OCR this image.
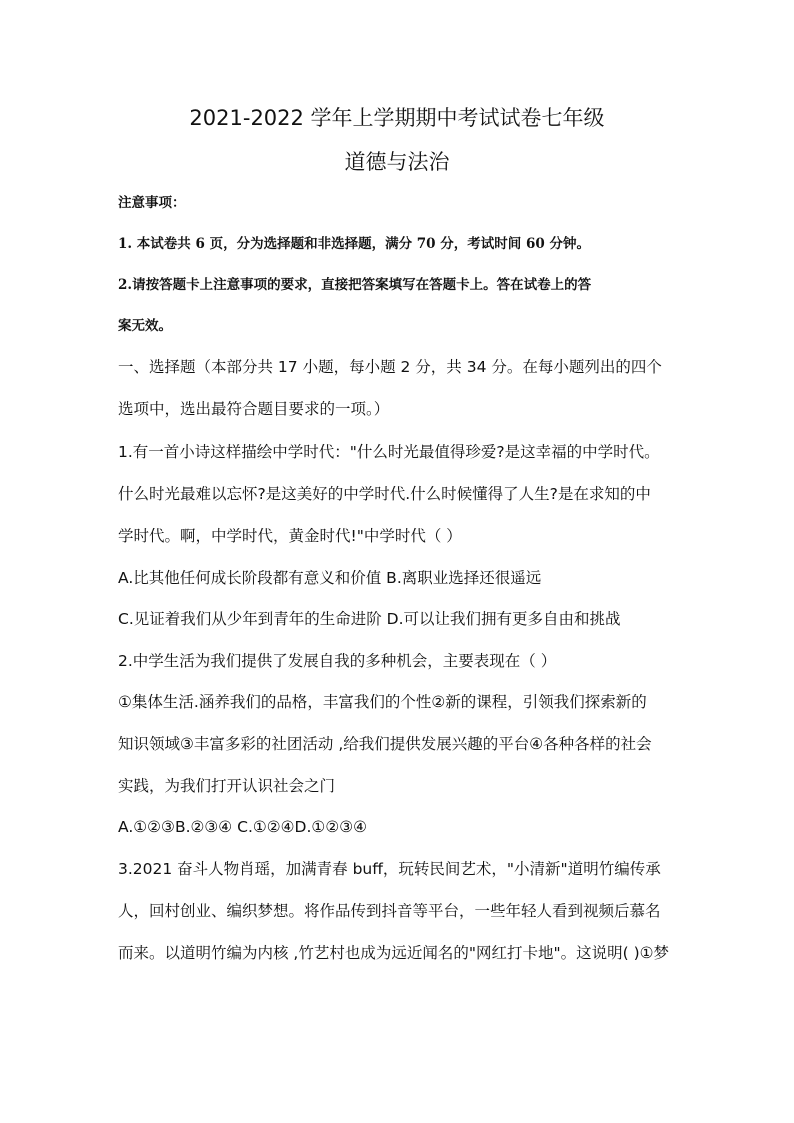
2021-2022 学年上学期期中考试试卷七年级
道德与法治
注意事项：
1. 本试卷共 6 页，分为选择题和非选择题，满分 70 分，考试时间 60 分钟。
2.请按答题卡上注意事项的要求，直接把答案填写在答题卡上。答在试卷上的答
案无效。
一、选择题（本部分共 17 小题，每小题 2 分，共 34 分。在每小题列出的四个
选项中，选出最符合题目要求的一项。）
1.有一首小诗这样描绘中学时代："什么时光最值得珍爱?是这幸福的中学时代。
什么时光最难以忘怀?是这美好的中学时代.什么时候懂得了人生?是在求知的中
学时代。啊，中学时代，黄金时代!"中学时代（ ）
A.比其他任何成长阶段都有意义和价值 B.离职业选择还很遥远
C.见证着我们从少年到青年的生命进阶 D.可以让我们拥有更多自由和挑战
2.中学生活为我们提供了发展自我的多种机会，主要表现在（ ）
①集体生活.涵养我们的品格，丰富我们的个性②新的课程，引领我们探索新的
知识领域③丰富多彩的社团活动 ,给我们提供发展兴趣的平台④各种各样的社会
实践，为我们打开认识社会之门
A.①②③B.②③④ C.①②④D.①②③④
3.2021 奋斗人物肖瑶，加满青春 buff，玩转民间艺术，"小清新"道明竹编传承
人，回村创业、编织梦想。将作品传到抖音等平台，一些年轻人看到视频后慕名
而来。以道明竹编为内核 ,竹艺村也成为远近闻名的"网红打卡地"。这说明( )①梦
